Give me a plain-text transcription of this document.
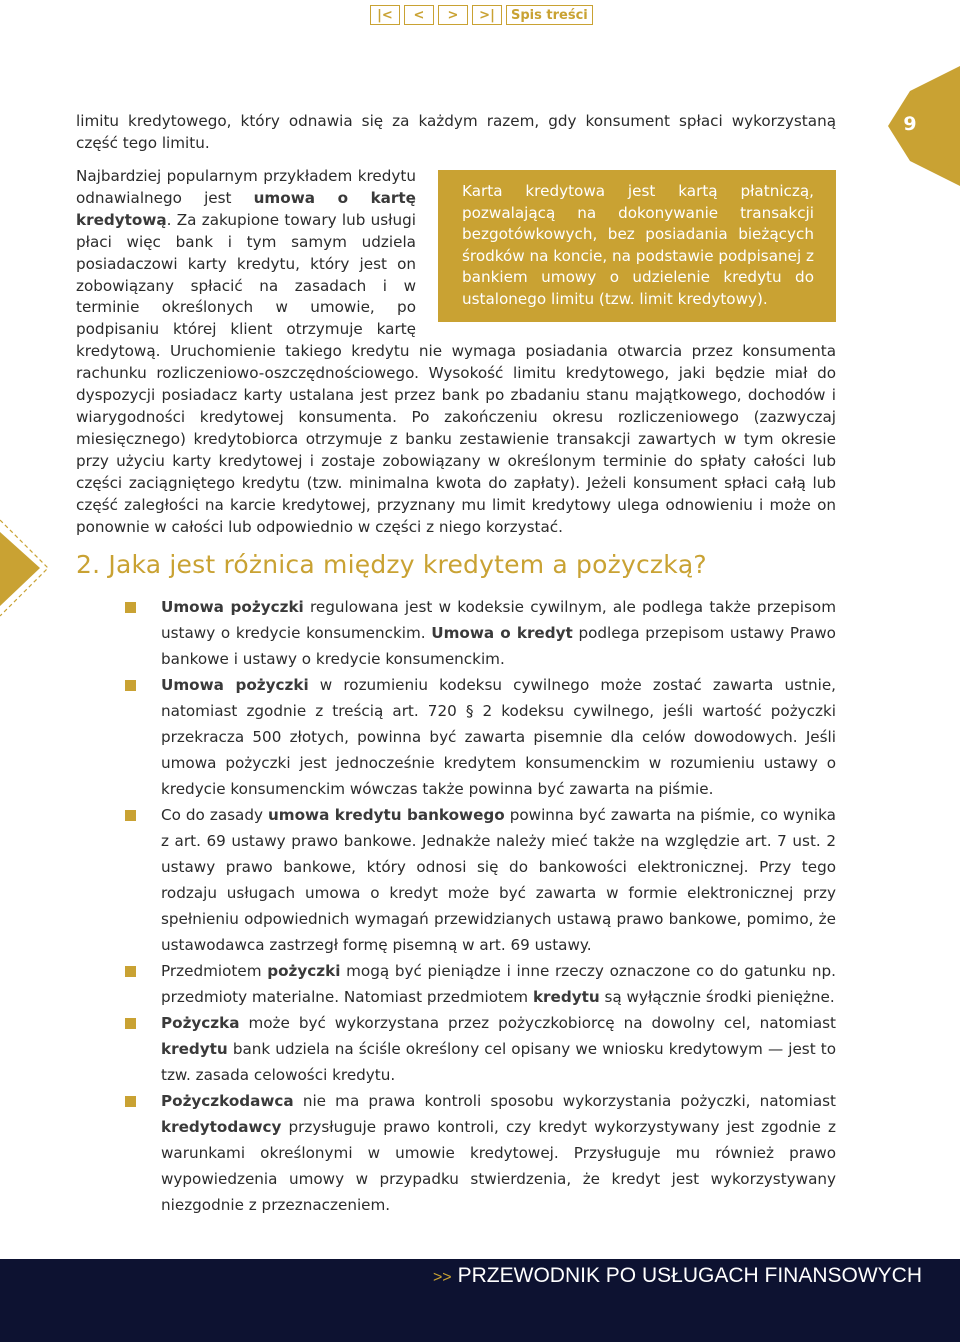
|<	<	>	>|	Spis treści
9

limitu kredytowego, który odnawia się za każdym razem, gdy konsument spłaci wykorzystaną część tego limitu.

Karta kredytowa jest kartą płatniczą, pozwalającą na dokonywanie transakcji bezgotówkowych, bez posiadania bieżących środków na koncie, na podstawie podpisanej z bankiem umowy o udzielenie kredytu do ustalonego limitu (tzw. limit kredytowy).

Najbardziej popularnym przykładem kredytu odnawialnego jest umowa o kartę kredytową. Za zakupione towary lub usługi płaci więc bank i tym samym udziela posiadaczowi karty kredytu, który jest on zobowiązany spłacić na zasadach i w terminie określonych w umowie, po podpisaniu której klient otrzymuje kartę kredytową. Uruchomienie takiego kredytu nie wymaga posiadania otwarcia przez konsumenta rachunku rozliczeniowo-oszczędnościowego. Wysokość limitu kredytowego, jaki będzie miał do dyspozycji posiadacz karty ustalana jest przez bank po zbadaniu stanu majątkowego, dochodów i wiarygodności kredytowej konsumenta. Po zakończeniu okresu rozliczeniowego (zazwyczaj miesięcznego) kredytobiorca otrzymuje z banku zestawienie transakcji zawartych w tym okresie przy użyciu karty kredytowej i zostaje zobowiązany w określonym terminie do spłaty całości lub części zaciągniętego kredytu (tzw. minimalna kwota do zapłaty). Jeżeli konsument spłaci całą lub część zaległości na karcie kredytowej, przyznany mu limit kredytowy ulega odnowieniu i może on ponownie w całości lub odpowiednio w części z niego korzystać.

2. Jaka jest różnica między kredytem a pożyczką?
Umowa pożyczki regulowana jest w kodeksie cywilnym, ale podlega także przepisom ustawy o kredycie konsumenckim. Umowa o kredyt podlega przepisom ustawy Prawo bankowe i ustawy o kredycie konsumenckim.
Umowa pożyczki w rozumieniu kodeksu cywilnego może zostać zawarta ustnie, natomiast zgodnie z treścią art. 720 § 2 kodeksu cywilnego, jeśli wartość pożyczki przekracza 500 złotych, powinna być zawarta pisemnie dla celów dowodowych. Jeśli umowa pożyczki jest jednocześnie kredytem konsumenckim w rozumieniu ustawy o kredycie konsumenckim wówczas także powinna być zawarta na piśmie.
Co do zasady umowa kredytu bankowego powinna być zawarta na piśmie, co wynika z art. 69 ustawy prawo bankowe. Jednakże należy mieć także na względzie art. 7 ust. 2 ustawy prawo bankowe, który odnosi się do bankowości elektronicznej. Przy tego rodzaju usługach umowa o kredyt może być zawarta w formie elektronicznej przy spełnieniu odpowiednich wymagań przewidzianych ustawą prawo bankowe, pomimo, że ustawodawca zastrzegł formę pisemną w art. 69 ustawy.
Przedmiotem pożyczki mogą być pieniądze i inne rzeczy oznaczone co do gatunku np. przedmioty materialne. Natomiast przedmiotem kredytu są wyłącznie środki pieniężne.
Pożyczka może być wykorzystana przez pożyczkobiorcę na dowolny cel, natomiast kredytu bank udziela na ściśle określony cel opisany we wniosku kredytowym — jest to tzw. zasada celowości kredytu.
Pożyczkodawca nie ma prawa kontroli sposobu wykorzystania pożyczki, natomiast kredytodawcy przysługuje prawo kontroli, czy kredyt wykorzystywany jest zgodnie z warunkami określonymi w umowie kredytowej. Przysługuje mu również prawo wypowiedzenia umowy w przypadku stwierdzenia, że kredyt jest wykorzystywany niezgodnie z przeznaczeniem.
>> PRZEWODNIK PO USŁUGACH FINANSOWYCH
